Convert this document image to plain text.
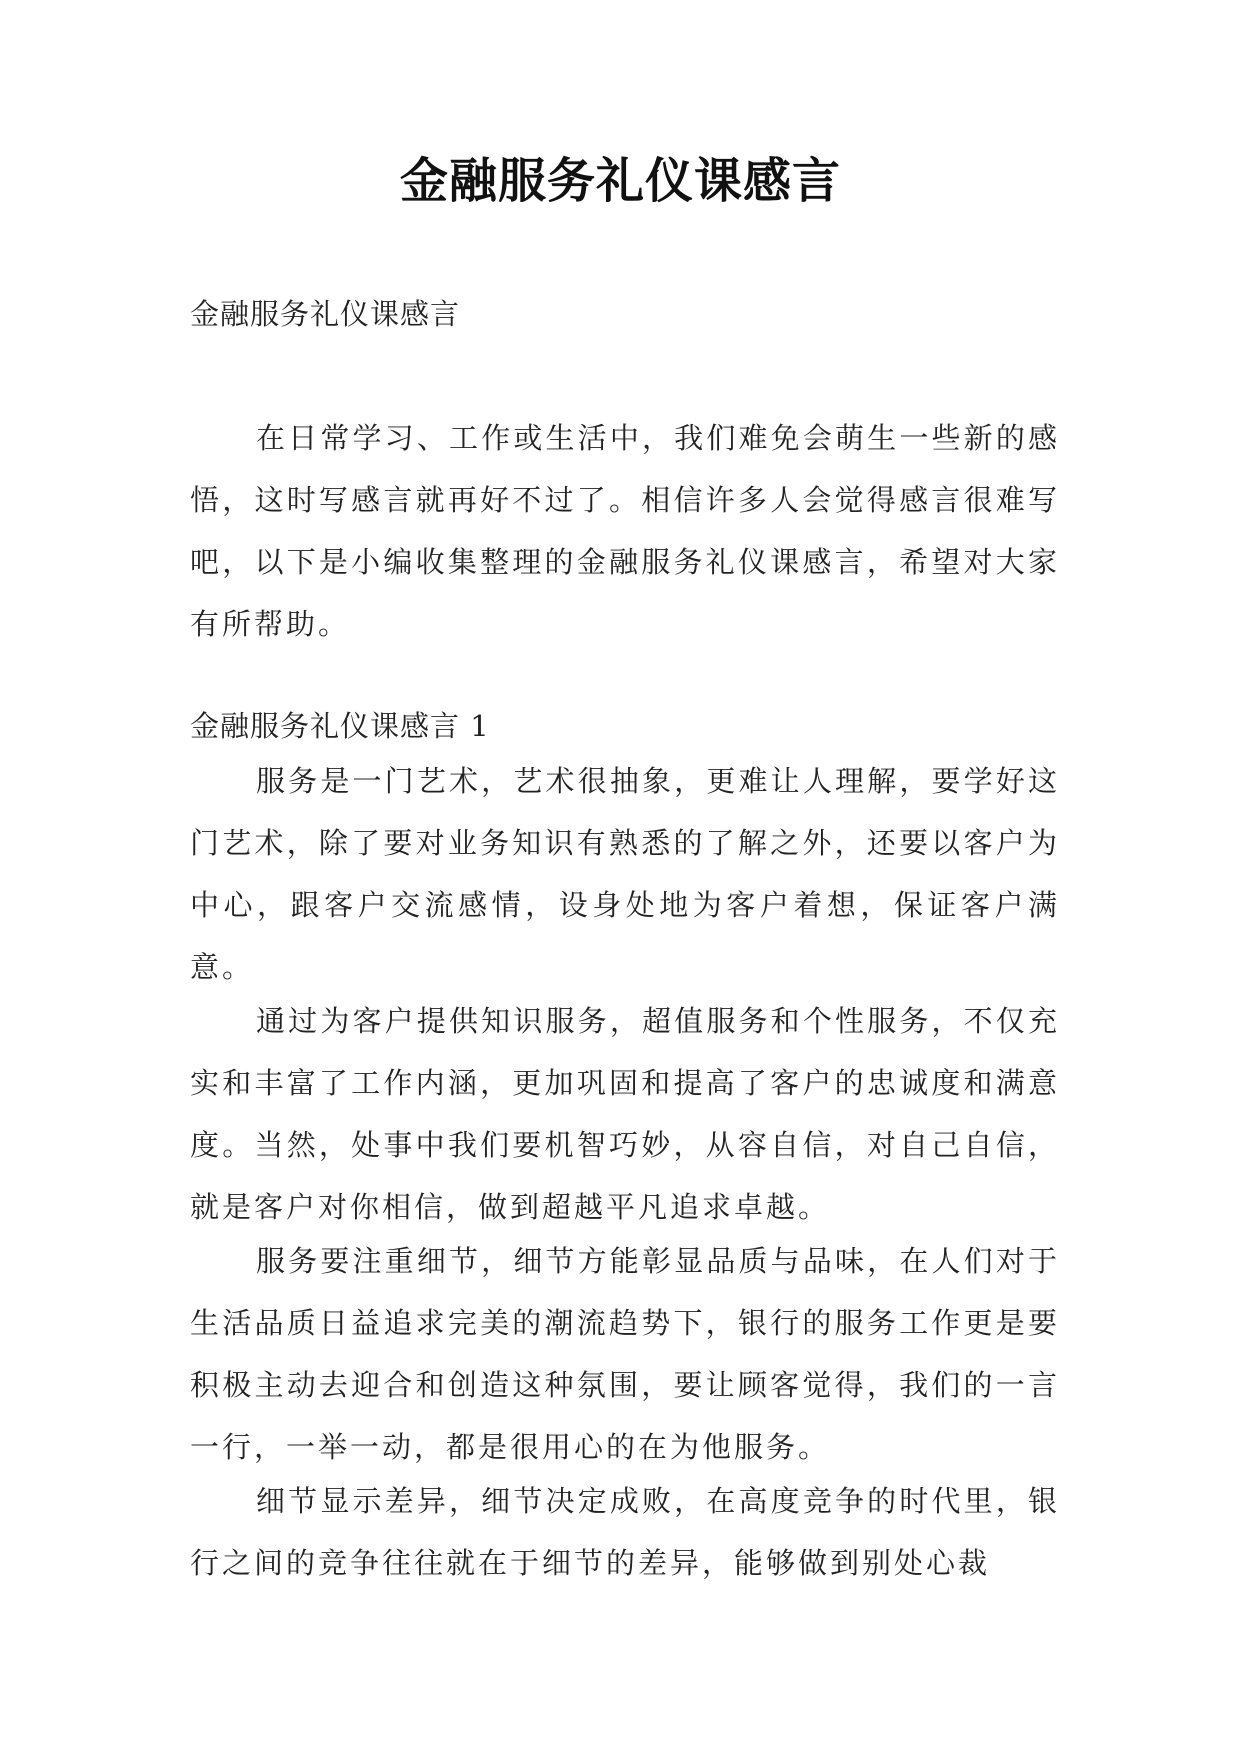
金融服务礼仪课感言
金融服务礼仪课感言

在日常学习、工作或生活中，我们难免会萌生一些新的感悟，这时写感言就再好不过了。相信许多人会觉得感言很难写吧，以下是小编收集整理的金融服务礼仪课感言，希望对大家有所帮助。

金融服务礼仪课感言 1

服务是一门艺术，艺术很抽象，更难让人理解，要学好这门艺术，除了要对业务知识有熟悉的了解之外，还要以客户为中心，跟客户交流感情，设身处地为客户着想，保证客户满意。

通过为客户提供知识服务，超值服务和个性服务，不仅充实和丰富了工作内涵，更加巩固和提高了客户的忠诚度和满意度。当然，处事中我们要机智巧妙，从容自信，对自己自信，就是客户对你相信，做到超越平凡追求卓越。

服务要注重细节，细节方能彰显品质与品味，在人们对于生活品质日益追求完美的潮流趋势下，银行的服务工作更是要积极主动去迎合和创造这种氛围，要让顾客觉得，我们的一言一行，一举一动，都是很用心的在为他服务。

细节显示差异，细节决定成败，在高度竞争的时代里，银行之间的竞争往往就在于细节的差异，能够做到别处心裁
